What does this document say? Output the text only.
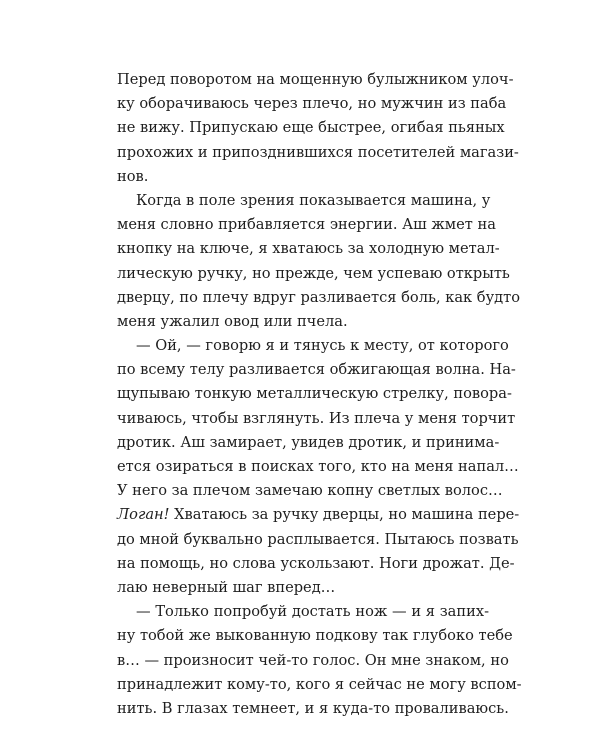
Перед поворотом на мощенную булыжником улоч-
ку оборачиваюсь через плечо, но мужчин из паба
не вижу. Припускаю еще быстрее, огибая пьяных
прохожих и припозднившихся посетителей магази-
нов.
Когда в поле зрения показывается машина, у
меня словно прибавляется энергии. Аш жмет на
кнопку на ключе, я хватаюсь за холодную метал-
лическую ручку, но прежде, чем успеваю открыть
дверцу, по плечу вдруг разливается боль, как будто
меня ужалил овод или пчела.
— Ой, — говорю я и тянусь к месту, от которого
по всему телу разливается обжигающая волна. На-
щупываю тонкую металлическую стрелку, повора-
чиваюсь, чтобы взглянуть. Из плеча у меня торчит
дротик. Аш замирает, увидев дротик, и принима-
ется озираться в поисках того, кто на меня напал…
У него за плечом замечаю копну светлых волос…
Логан! Хватаюсь за ручку дверцы, но машина пере-
до мной буквально расплывается. Пытаюсь позвать
на помощь, но слова ускользают. Ноги дрожат. Де-
лаю неверный шаг вперед…
— Только попробуй достать нож — и я запих-
ну тобой же выкованную подкову так глубоко тебе
в… — произносит чей-то голос. Он мне знаком, но
принадлежит кому-то, кого я сейчас не могу вспом-
нить. В глазах темнеет, и я куда-то проваливаюсь.
